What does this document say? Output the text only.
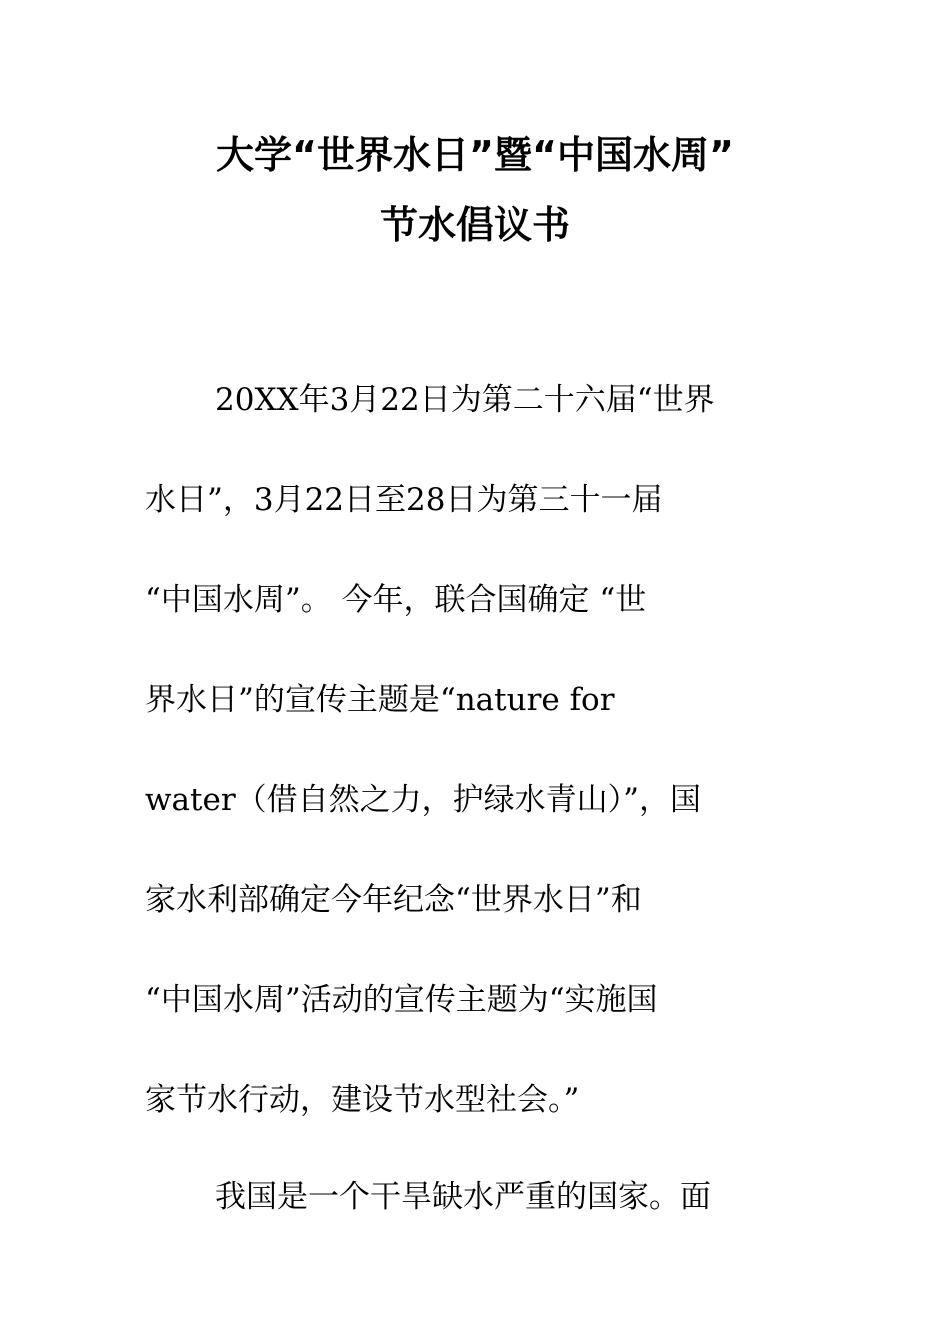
大学“世界水日”暨“中国水周”
节水倡议书
20XX年3月22日为第二十六届“世界
水日”，3月22日至28日为第三十一届
“中国水周”。 今年，联合国确定 “世
界水日”的宣传主题是“nature for
water（借自然之力，护绿水青山）”，国
家水利部确定今年纪念“世界水日”和
“中国水周”活动的宣传主题为“实施国
家节水行动，建设节水型社会。”
我国是一个干旱缺水严重的国家。面
